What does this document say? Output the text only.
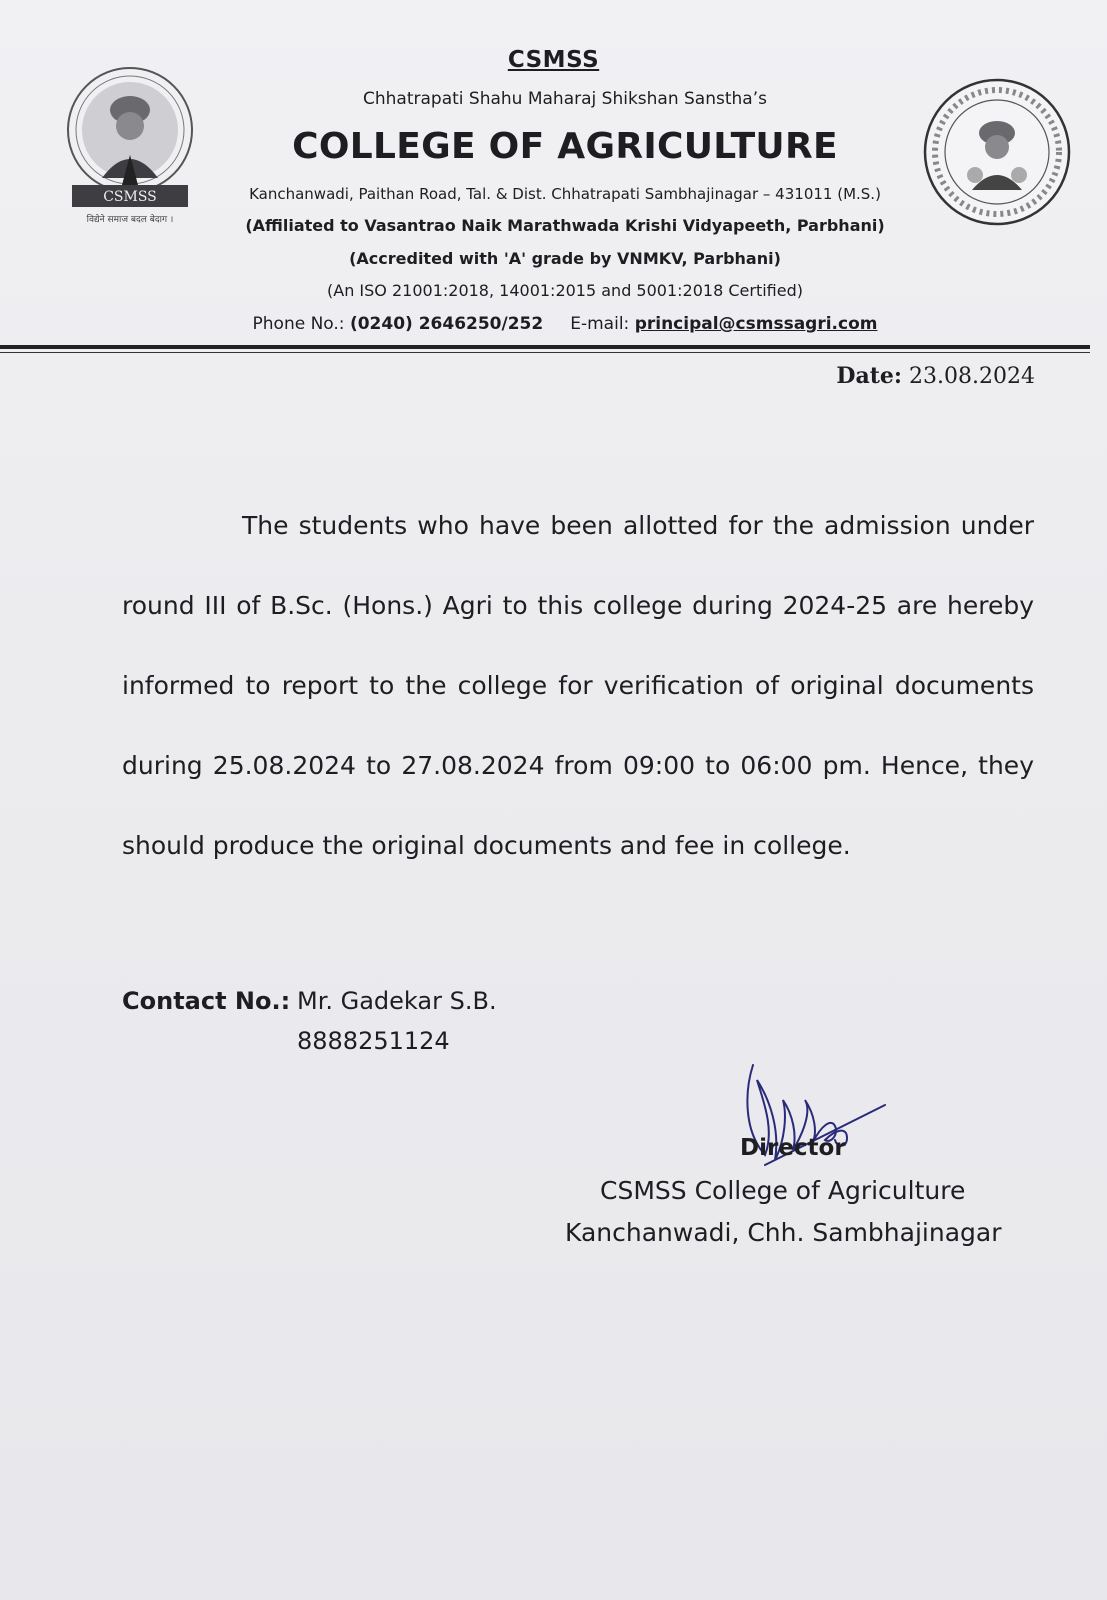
CSMSS
विद्येने समाज बदल बेदाग ।
CSMSS
Chhatrapati Shahu Maharaj Shikshan Sanstha’s
COLLEGE OF AGRICULTURE
Kanchanwadi, Paithan Road, Tal. & Dist. Chhatrapati Sambhajinagar – 431011 (M.S.)
(Affiliated to Vasantrao Naik Marathwada Krishi Vidyapeeth, Parbhani)
(Accredited with 'A' grade by VNMKV, Parbhani)
(An ISO 21001:2018, 14001:2015 and 5001:2018 Certified)
Phone No.: (0240) 2646250/252 E-mail: principal@csmssagri.com
Date: 23.08.2024
The students who have been allotted for the admission under round III of B.Sc. (Hons.) Agri to this college during 2024-25 are hereby informed to report to the college for verification of original documents during 25.08.2024 to 27.08.2024 from 09:00 to 06:00 pm. Hence, they should produce the original documents and fee in college.
Contact No.: Mr. Gadekar S.B.
8888251124
Director
CSMSS College of Agriculture
Kanchanwadi, Chh. Sambhajinagar
